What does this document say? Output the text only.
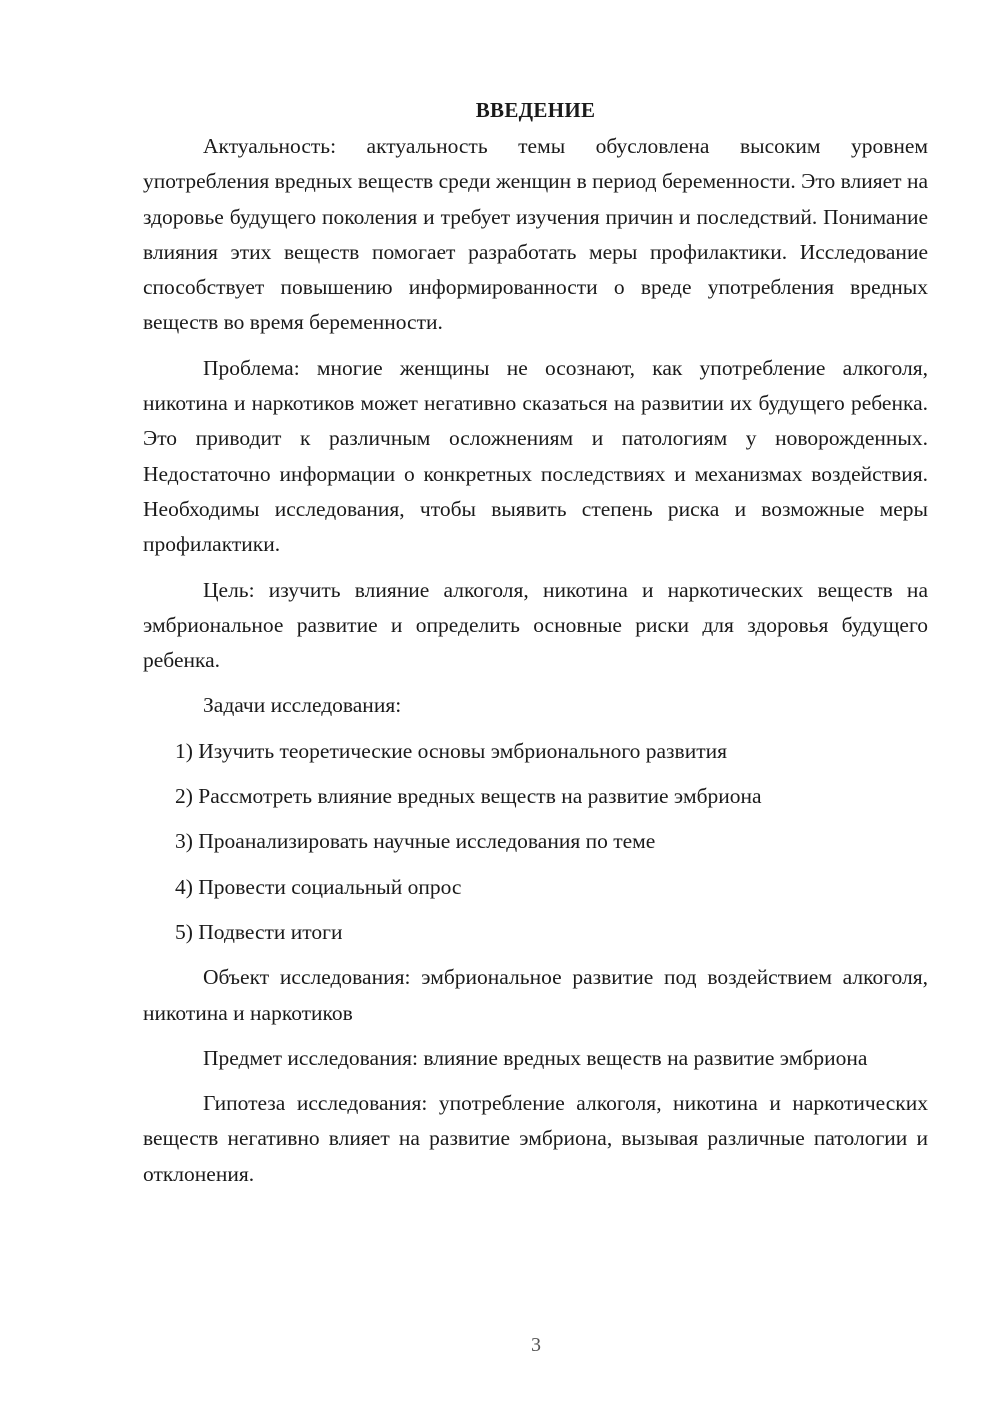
ВВЕДЕНИЕ

Актуальность: актуальность темы обусловлена высоким уровнем употребления вредных веществ среди женщин в период беременности. Это влияет на здоровье будущего поколения и требует изучения причин и последствий. Понимание влияния этих веществ помогает разработать меры профилактики. Исследование способствует повышению информированности о вреде употребления вредных веществ во время беременности.

Проблема: многие женщины не осознают, как употребление алкоголя, никотина и наркотиков может негативно сказаться на развитии их будущего ребенка. Это приводит к различным осложнениям и патологиям у новорожденных. Недостаточно информации о конкретных последствиях и механизмах воздействия. Необходимы исследования, чтобы выявить степень риска и возможные меры профилактики.

Цель: изучить влияние алкоголя, никотина и наркотических веществ на эмбриональное развитие и определить основные риски для здоровья будущего ребенка.

Задачи исследования:

1) Изучить теоретические основы эмбрионального развития
2) Рассмотреть влияние вредных веществ на развитие эмбриона
3) Проанализировать научные исследования по теме
4) Провести социальный опрос
5) Подвести итоги

Объект исследования: эмбриональное развитие под воздействием алкоголя, никотина и наркотиков

Предмет исследования: влияние вредных веществ на развитие эмбриона

Гипотеза исследования: употребление алкоголя, никотина и наркотических веществ негативно влияет на развитие эмбриона, вызывая различные патологии и отклонения.

3
